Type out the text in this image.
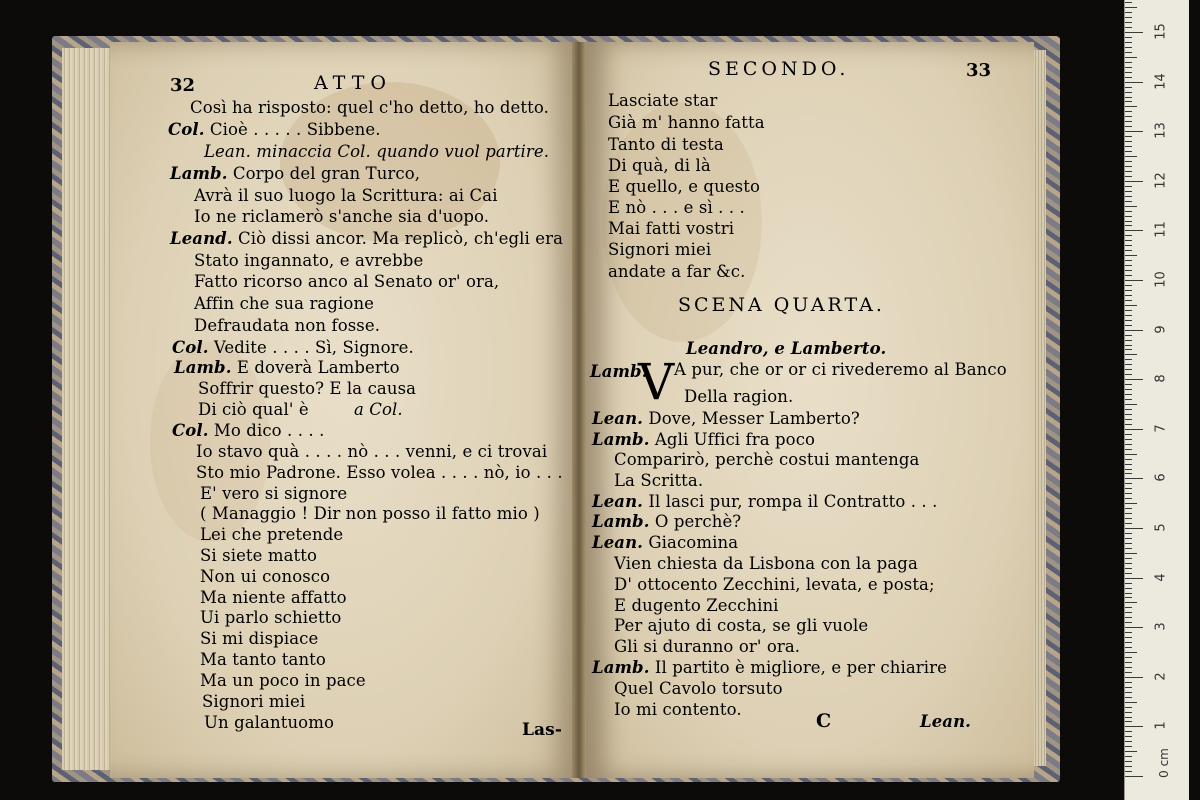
Così ha risposto: quel c'ho detto, ho detto.
Col. Cioè . . . . . Sibbene.
Lean. minaccia Col. quando vuol partire.
Lamb. Corpo del gran Turco,
Avrà il suo luogo la Scrittura: ai Cai
Io ne riclamerò s'anche sia d'uopo.
Leand. Ciò dissi ancor. Ma replicò, ch'egli era
Stato ingannato, e avrebbe
Fatto ricorso anco al Senato or' ora,
Affin che sua ragione
Defraudata non fosse.
Col. Vedite . . . . Sì, Signore.
Lamb. E doverà Lamberto
Soffrir questo? E la causa
Di ciò qual' è	a Col.
Col. Mo dico . . . .
Io stavo quà . . . . nò . . . venni, e ci trovai
Sto mio Padrone. Esso volea . . . . nò, io . . .
E' vero si signore
( Managgio ! Dir non posso il fatto mio )
Lei che pretende
Si siete matto
Non ui conosco
Ma niente affatto
Ui parlo schietto
Si mi dispiace
Ma tanto tanto
Ma un poco in pace
Signori miei
Un galantuomo
Lasciate star
Già m' hanno fatta
Tanto di testa
Di quà, di là
E quello, e questo
E nò . . . e sì . . .
Mai fatti vostri
Signori miei
andate a far &c.
Della ragion.
Lean. Dove, Messer Lamberto?
Lamb. Agli Uffici fra poco
Comparirò, perchè costui mantenga
La Scritta.
Lean. Il lasci pur, rompa il Contratto . . .
Lamb. O perchè?
Lean. Giacomina
Vien chiesta da Lisbona con la paga
D' ottocento Zecchini, levata, e posta;
E dugento Zecchini
Per ajuto di costa, se gli vuole
Gli si duranno or' ora.
Lamb. Il partito è migliore, e per chiarire
Quel Cavolo torsuto
Io mi contento.
32	ATTO
Las-
SECONDO.	33
SCENA QUARTA.
Leandro, e Lamberto.
Lamb.
V A pur, che or or ci rivederemo al Banco
C	Lean.	1
2
3
4
5
6
7
8
9
10
11
12
13
14
15
0 cm
